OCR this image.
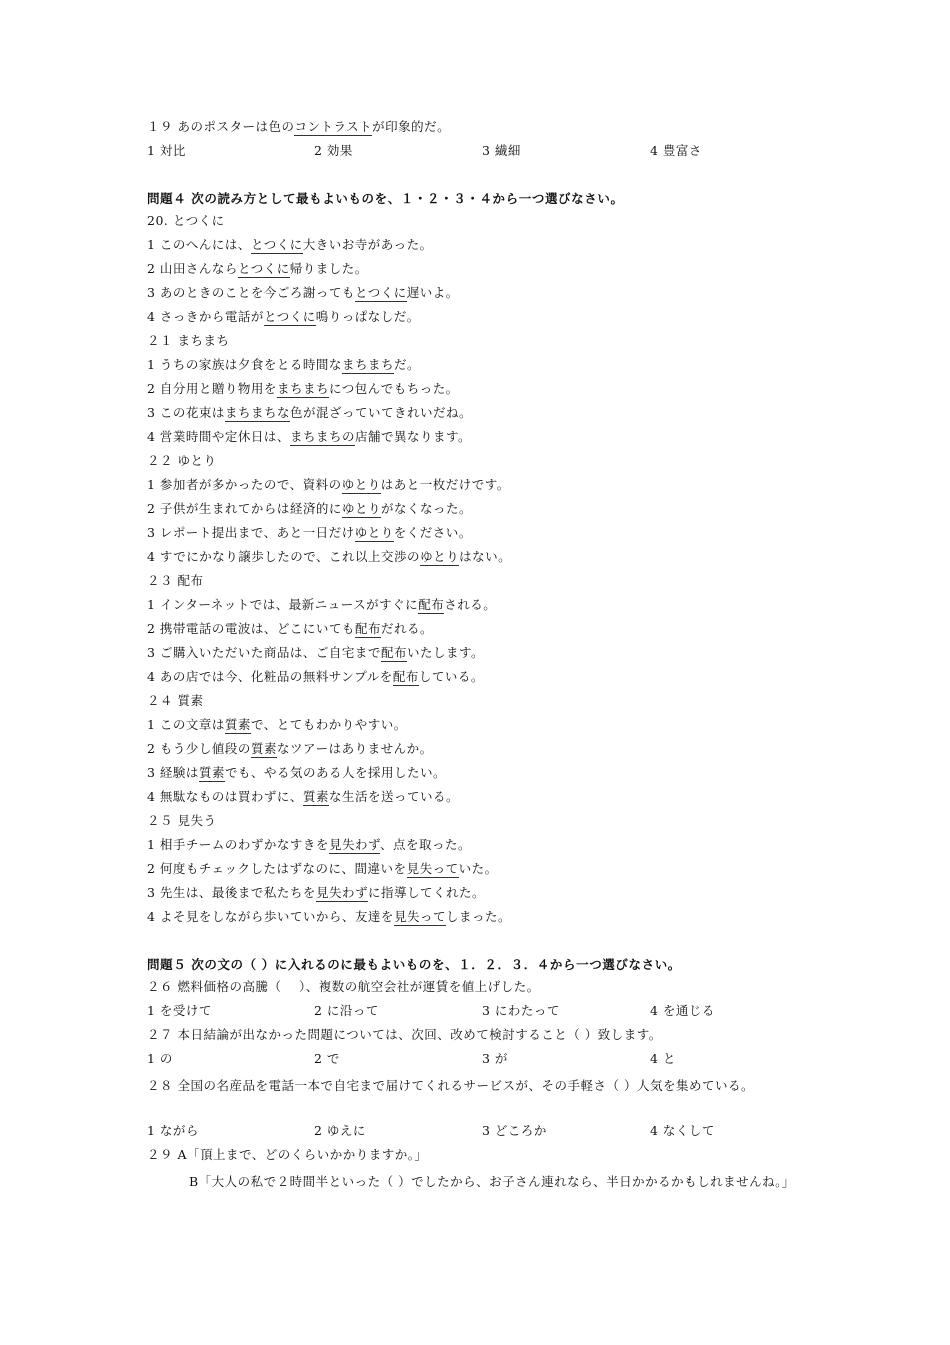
１９ あのポスターは色のコントラストが印象的だ。
1 対比	2 効果	3 繊細	4 豊富さ
問題４ 次の読み方として最もよいものを、１・２・３・４から一つ選びなさい。
20. とつくに
1 このへんには、とつくに大きいお寺があった。
2 山田さんならとつくに帰りました。
3 あのときのことを今ごろ謝ってもとつくに遅いよ。
4 さっきから電話がとつくに鳴りっぱなしだ。
２１ まちまち
1 うちの家族は夕食をとる時間なまちまちだ。
2 自分用と贈り物用をまちまちにつ包んでもちった。
3 この花束はまちまちな色が混ざっていてきれいだね。
4 営業時間や定休日は、まちまちの店舗で異なります。
２２ ゆとり
1 参加者が多かったので、資料のゆとりはあと一枚だけです。
2 子供が生まれてからは経済的にゆとりがなくなった。
3 レポート提出まで、あと一日だけゆとりをください。
4 すでにかなり譲歩したので、これ以上交渉のゆとりはない。
２３ 配布
1 インターネットでは、最新ニュースがすぐに配布される。
2 携帯電話の電波は、どこにいても配布だれる。
3 ご購入いただいた商品は、ご自宅まで配布いたします。
4 あの店では今、化粧品の無料サンプルを配布している。
２４ 質素
1 この文章は質素で、とてもわかりやすい。
2 もう少し値段の質素なツアーはありませんか。
3 経験は質素でも、やる気のある人を採用したい。
4 無駄なものは買わずに、質素な生活を送っている。
２５ 見失う
1 相手チームのわずかなすきを見失わず、点を取った。
2 何度もチェックしたはずなのに、間違いを見失っていた。
3 先生は、最後まで私たちを見失わずに指導してくれた。
4 よそ見をしながら歩いていから、友達を見失ってしまった。
問題５ 次の文の（ ）に入れるのに最もよいものを、１．２．３．４から一つ選びなさい。
２６ 燃料価格の高騰（　 ）、複数の航空会社が運賃を値上げした。
1 を受けて	2 に沿って	3 にわたって	4 を通じる
２７ 本日結論が出なかった問題については、次回、改めて検討すること（ ）致します。
1 の	2 で	3 が	4 と
２８ 全国の名産品を電話一本で自宅まで届けてくれるサービスが、その手軽さ（ ）人気を集めている。
1 ながら	2 ゆえに	3 どころか	4 なくして
２９ A「頂上まで、どのくらいかかりますか。」
B「大人の私で２時間半といった（ ）でしたから、お子さん連れなら、半日かかるかもしれませんね。」
